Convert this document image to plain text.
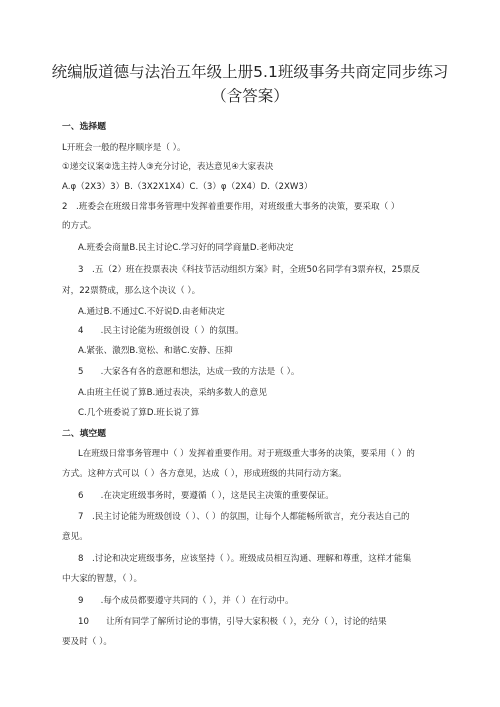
统编版道德与法治五年级上册5.1班级事务共商定同步练习
（含答案）
一、选择题
L开班会一般的程序顺序是（ ）。
①递交议案②选主持人③充分讨论，表达意见④大家表决
A.φ（2X3）3）B.（3X2X1X4）C.（3）φ（2X4）D.（2XW3）
2　.班委会在班级日常事务管理中发挥着重要作用，对班级重大事务的决策，要采取（ ）
的方式。
A.班委会商量B.民主讨论C.学习好的同学商量D.老师决定
3　.五（2）班在投票表决《科技节活动组织方案》时，全班50名同学有3票弃权，25票反
对，22票赞成，那么这个决议（ ）。
A.通过B.不通过C.不好说D.由老师决定
4　　.民主讨论能为班级创设（ ）的氛围。
A.紧张、激烈B.宽松、和谐C.安静、压抑
5　　.大家各有各的意愿和想法，达成一致的方法是（ ）。
A.由班主任说了算B.通过表决，采纳多数人的意见
C.几个班委说了算D.班长说了算
二、填空题
L在班级日常事务管理中（ ）发挥着重要作用。对于班级重大事务的决策，要采用（ ）的
方式。这种方式可以（ ）各方意见，达成（ ），形成班级的共同行动方案。
6　　.在决定班级事务时，要遵循（ ），这是民主决策的重要保证。
7　.民主讨论能为班级创设（ ）、（ ）的氛围，让每个人都能畅所欲言，充分表达自己的
意见。
8　.讨论和决定班级事务，应该坚持（ ）。班级成员相互沟通、理解和尊重，这样才能集
中大家的智慧，（ ）。
9　　.每个成员都要遵守共同的（ ），并（ ）在行动中。
10　　让所有同学了解所讨论的事情，引导大家积极（ ），充分（ ），讨论的结果
要及时（ ）。
